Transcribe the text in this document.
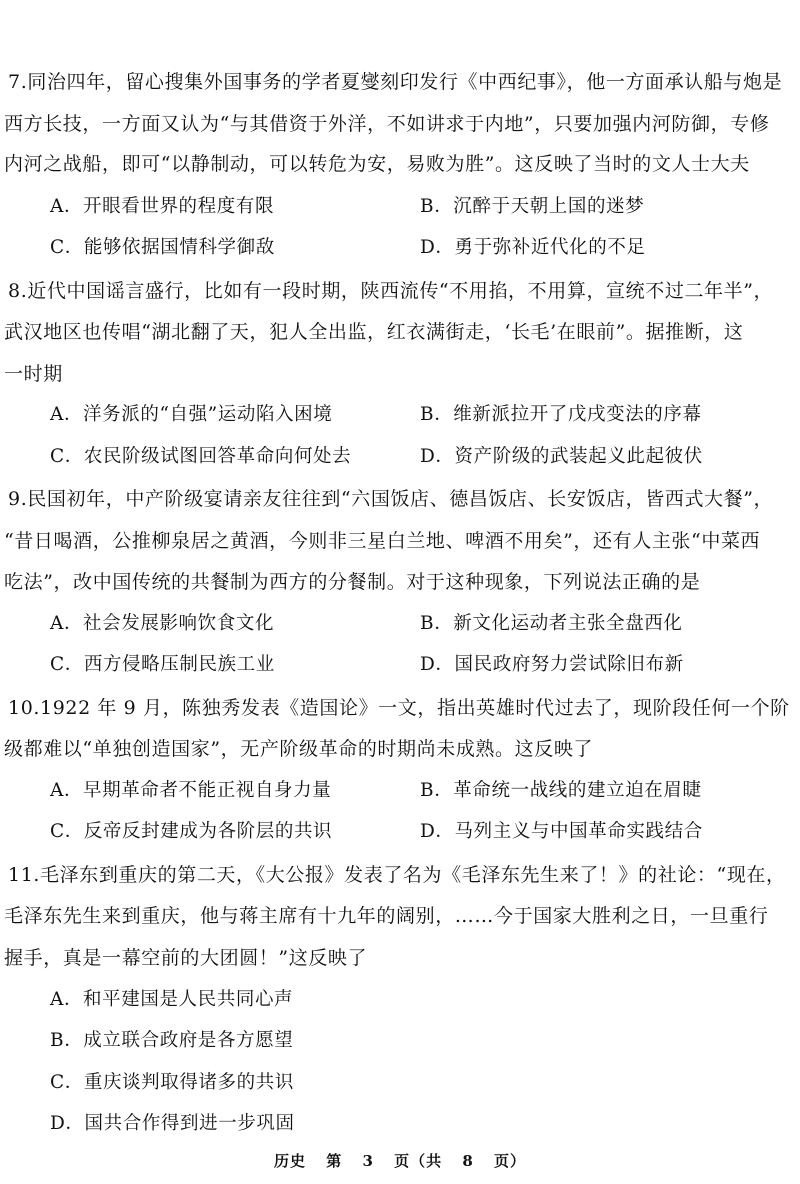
7.同治四年，留心搜集外国事务的学者夏燮刻印发行《中西纪事》，他一方面承认船与炮是
西方长技，一方面又认为“与其借资于外洋，不如讲求于内地”，只要加强内河防御，专修
内河之战船，即可“以静制动，可以转危为安，易败为胜”。这反映了当时的文人士大夫
A．开眼看世界的程度有限	B．沉醉于天朝上国的迷梦
C．能够依据国情科学御敌	D．勇于弥补近代化的不足
8.近代中国谣言盛行，比如有一段时期，陕西流传“不用掐，不用算，宣统不过二年半”，
武汉地区也传唱“湖北翻了天，犯人全出监，红衣满街走，‘长毛’在眼前”。据推断，这
一时期
A．洋务派的“自强”运动陷入困境	B．维新派拉开了戊戌变法的序幕
C．农民阶级试图回答革命向何处去	D．资产阶级的武装起义此起彼伏
9.民国初年，中产阶级宴请亲友往往到“六国饭店、德昌饭店、长安饭店，皆西式大餐”，
“昔日喝酒，公推柳泉居之黄酒，今则非三星白兰地、啤酒不用矣”，还有人主张“中菜西
吃法”，改中国传统的共餐制为西方的分餐制。对于这种现象，下列说法正确的是
A．社会发展影响饮食文化	B．新文化运动者主张全盘西化
C．西方侵略压制民族工业	D．国民政府努力尝试除旧布新
10.1922 年 9 月，陈独秀发表《造国论》一文，指出英雄时代过去了，现阶段任何一个阶
级都难以“单独创造国家”，无产阶级革命的时期尚未成熟。这反映了
A．早期革命者不能正视自身力量	B．革命统一战线的建立迫在眉睫
C．反帝反封建成为各阶层的共识	D．马列主义与中国革命实践结合
11.毛泽东到重庆的第二天，《大公报》发表了名为《毛泽东先生来了！》的社论：“现在，
毛泽东先生来到重庆，他与蒋主席有十九年的阔别，……今于国家大胜利之日，一旦重行
握手，真是一幕空前的大团圆！”这反映了
A．和平建国是人民共同心声
B．成立联合政府是各方愿望
C．重庆谈判取得诸多的共识
D．国共合作得到进一步巩固
历史 第 3 页（共 8 页）
